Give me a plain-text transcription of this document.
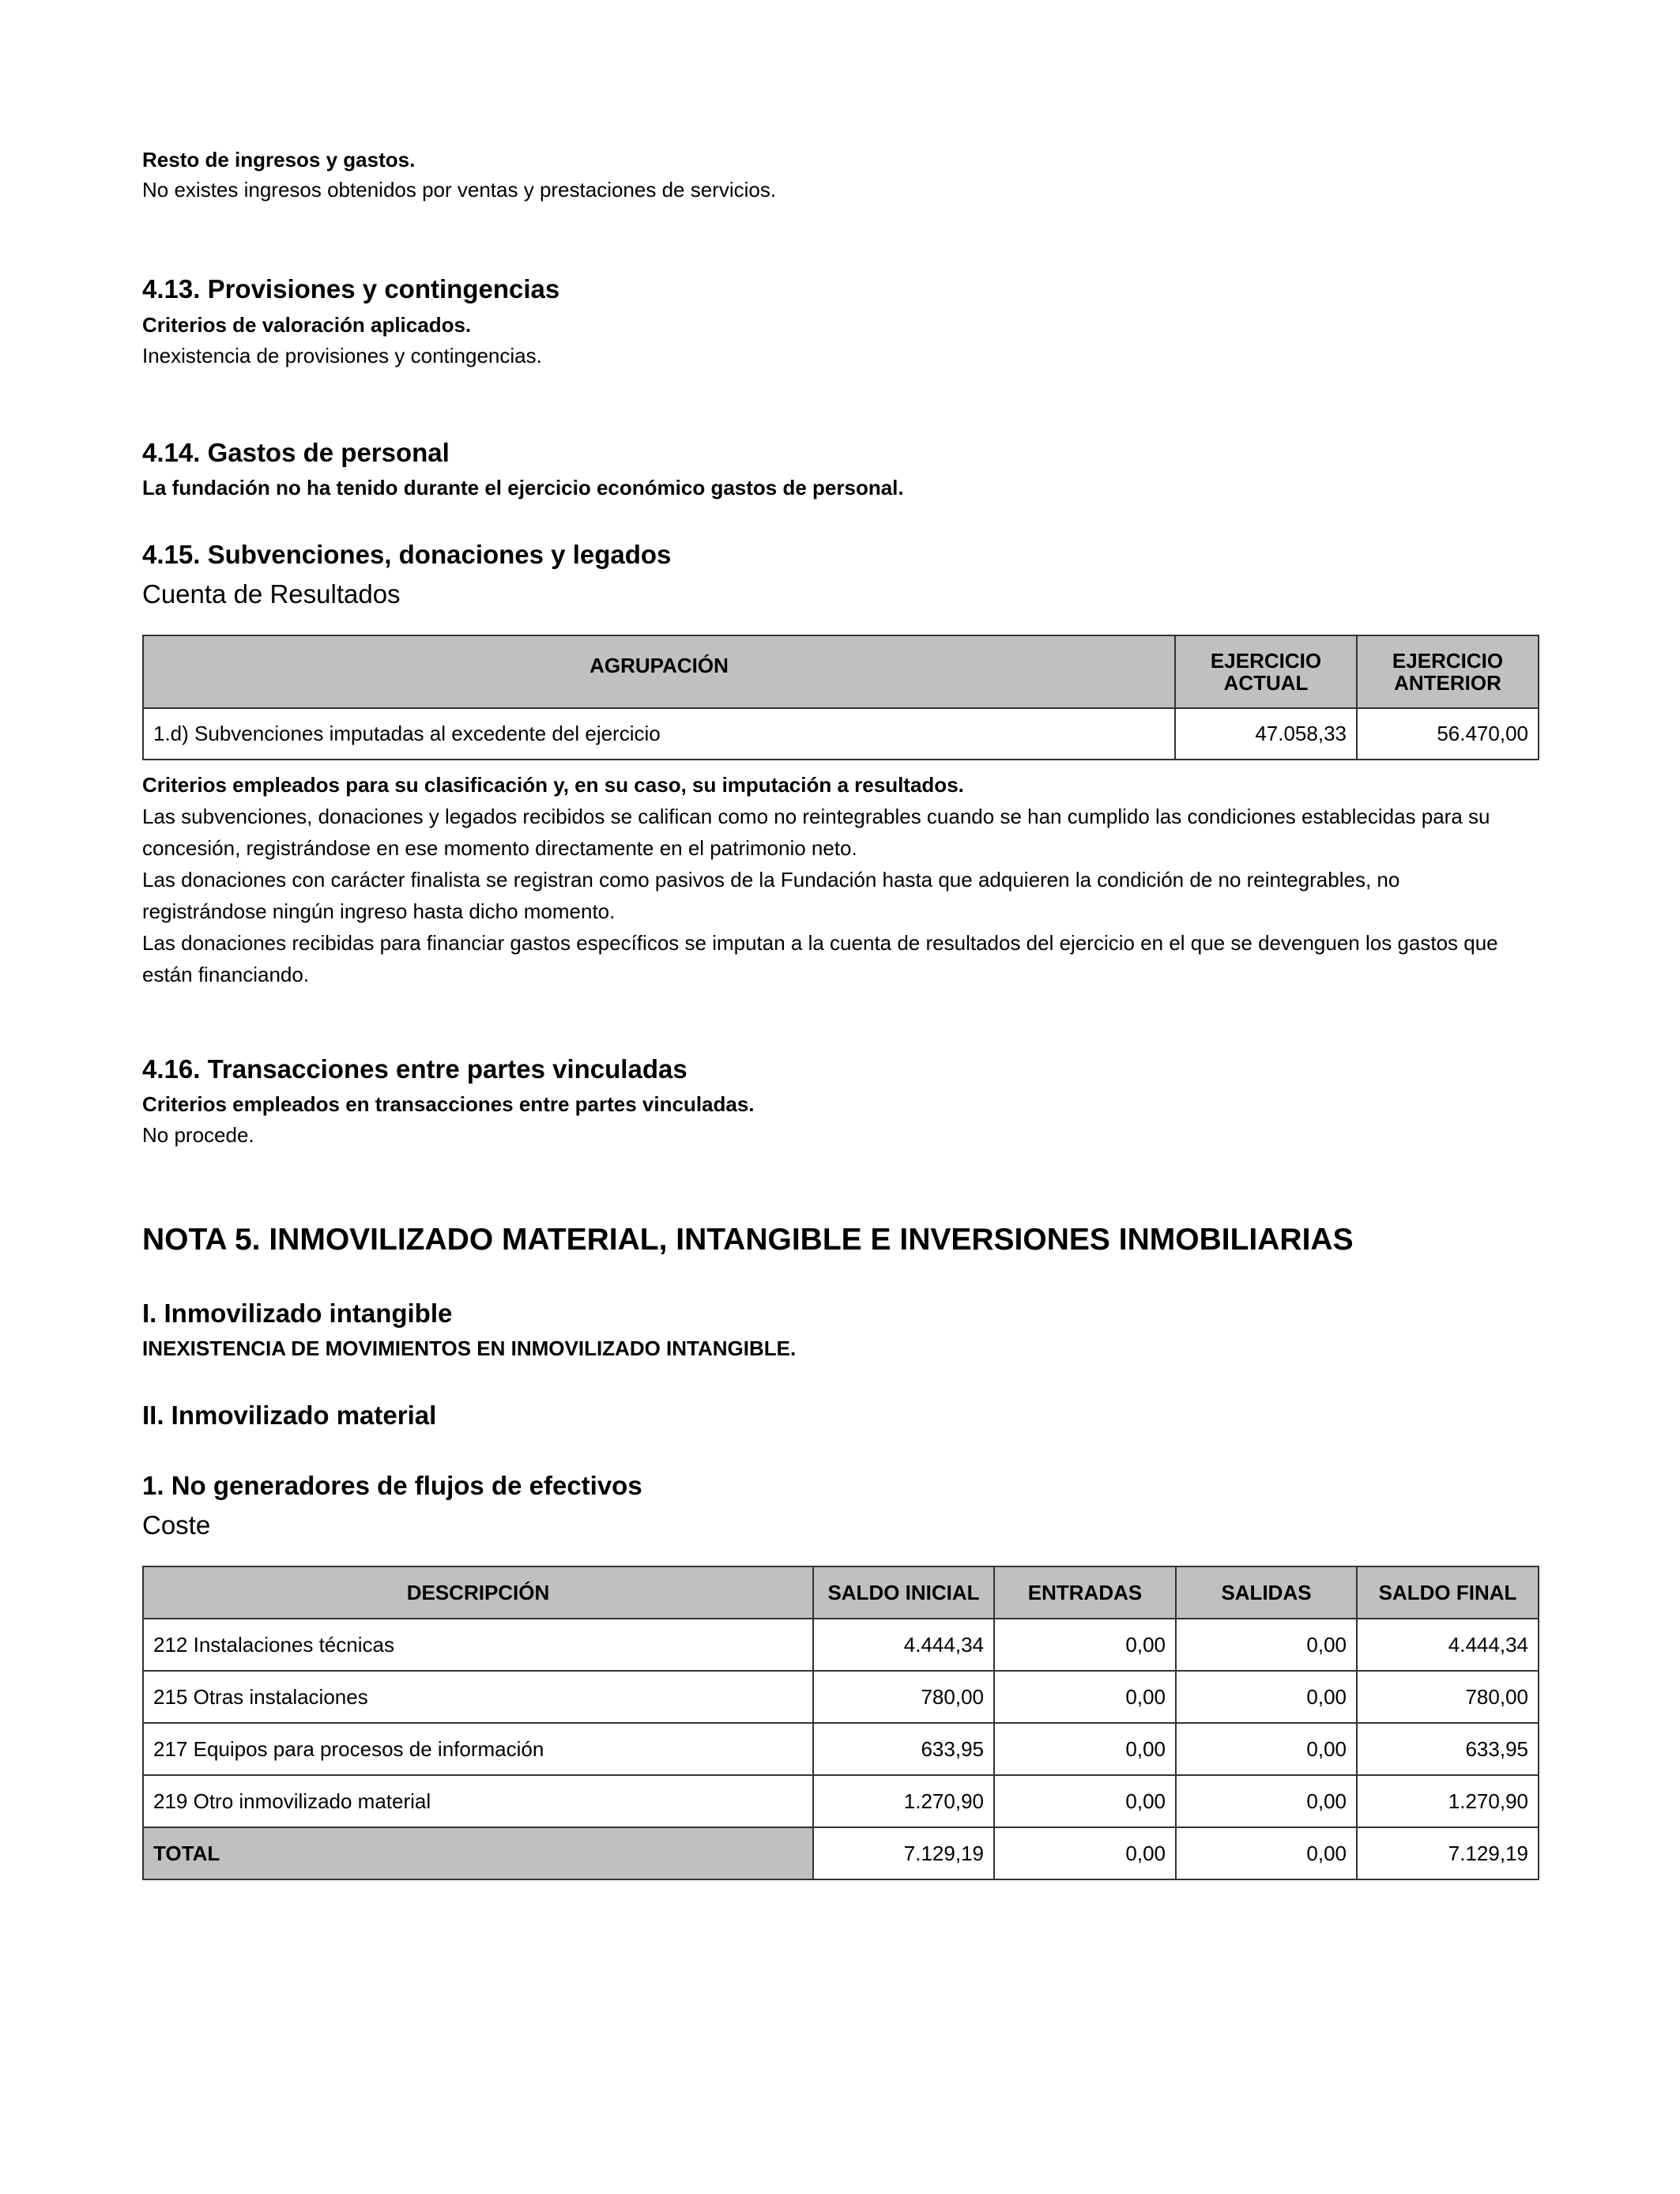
Resto de ingresos y gastos.
No existes ingresos obtenidos por ventas y prestaciones de servicios.
4.13. Provisiones y contingencias
Criterios de valoración aplicados.
Inexistencia de provisiones y contingencias.
4.14. Gastos de personal
La fundación no ha tenido durante el ejercicio económico gastos de personal.
4.15. Subvenciones, donaciones y legados
Cuenta de Resultados
AGRUPACIÓN	EJERCICIO ACTUAL	EJERCICIO ANTERIOR
1.d) Subvenciones imputadas al excedente del ejercicio	47.058,33	56.470,00
Criterios empleados para su clasificación y, en su caso, su imputación a resultados.

Las subvenciones, donaciones y legados recibidos se califican como no reintegrables cuando se han cumplido las condiciones establecidas para su

concesión, registrándose en ese momento directamente en el patrimonio neto.

Las donaciones con carácter finalista se registran como pasivos de la Fundación hasta que adquieren la condición de no reintegrables, no

registrándose ningún ingreso hasta dicho momento.

Las donaciones recibidas para financiar gastos específicos se imputan a la cuenta de resultados del ejercicio en el que se devenguen los gastos que

están financiando.

4.16. Transacciones entre partes vinculadas
Criterios empleados en transacciones entre partes vinculadas.
No procede.
NOTA 5. INMOVILIZADO MATERIAL, INTANGIBLE E INVERSIONES INMOBILIARIAS
I. Inmovilizado intangible
INEXISTENCIA DE MOVIMIENTOS EN INMOVILIZADO INTANGIBLE.
II. Inmovilizado material
1. No generadores de flujos de efectivos
Coste
DESCRIPCIÓN	SALDO INICIAL	ENTRADAS	SALIDAS	SALDO FINAL
212 Instalaciones técnicas	4.444,34	0,00	0,00	4.444,34
215 Otras instalaciones	780,00	0,00	0,00	780,00
217 Equipos para procesos de información	633,95	0,00	0,00	633,95
219 Otro inmovilizado material	1.270,90	0,00	0,00	1.270,90
TOTAL	7.129,19	0,00	0,00	7.129,19
